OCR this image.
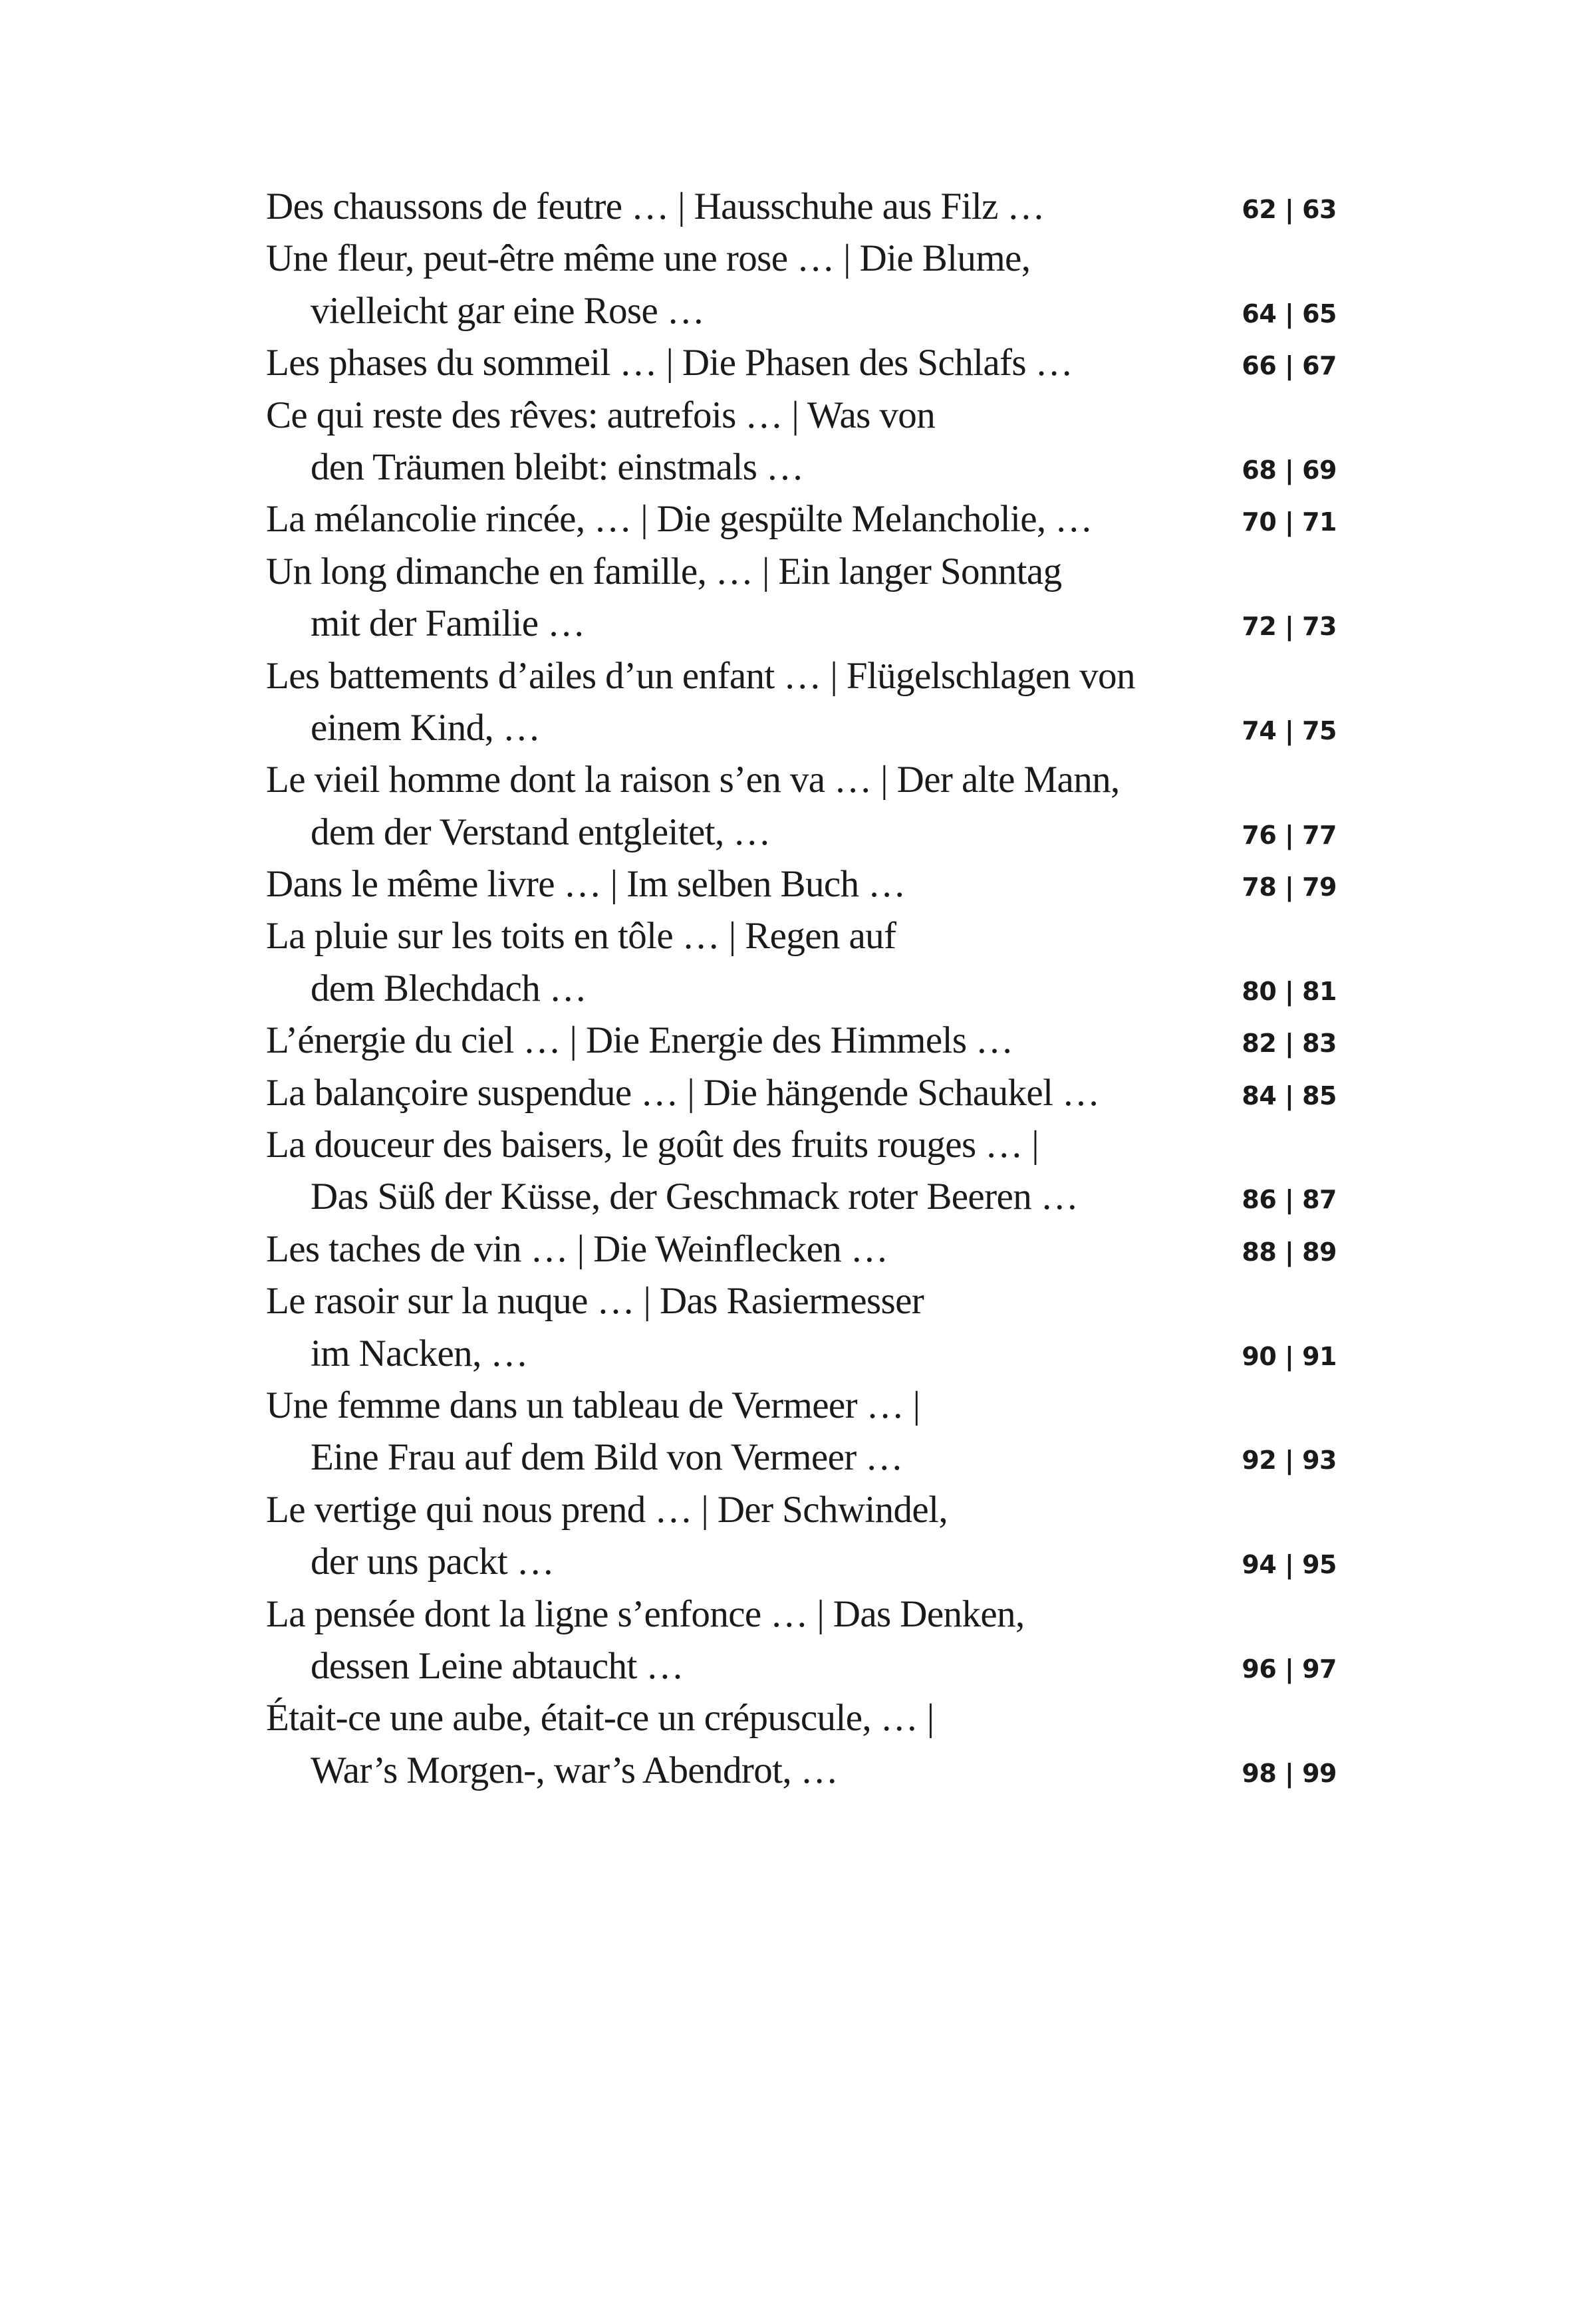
Des chaussons de feutre … | Hausschuhe aus Filz …	62 | 63
Une fleur, peut-être même une rose … | Die Blume,
vielleicht gar eine Rose …	64 | 65
Les phases du sommeil … | Die Phasen des Schlafs …	66 | 67
Ce qui reste des rêves: autrefois … | Was von
den Träumen bleibt: einstmals …	68 | 69
La mélancolie rincée, … | Die gespülte Melancholie, …	70 | 71
Un long dimanche en famille, … | Ein langer Sonntag
mit der Familie …	72 | 73
Les battements d’ailes d’un enfant … | Flügelschlagen von
einem Kind, …	74 | 75
Le vieil homme dont la raison s’en va … | Der alte Mann,
dem der Verstand entgleitet, …	76 | 77
Dans le même livre … | Im selben Buch …	78 | 79
La pluie sur les toits en tôle … | Regen auf
dem Blechdach …	80 | 81
L’énergie du ciel … | Die Energie des Himmels …	82 | 83
La balançoire suspendue … | Die hängende Schaukel …	84 | 85
La douceur des baisers, le goût des fruits rouges … |
Das Süß der Küsse, der Geschmack roter Beeren …	86 | 87
Les taches de vin … | Die Weinflecken …	88 | 89
Le rasoir sur la nuque … | Das Rasiermesser
im Nacken, …	90 | 91
Une femme dans un tableau de Vermeer … |
Eine Frau auf dem Bild von Vermeer …	92 | 93
Le vertige qui nous prend … | Der Schwindel,
der uns packt …	94 | 95
La pensée dont la ligne s’enfonce … | Das Denken,
dessen Leine abtaucht …	96 | 97
Était-ce une aube, était-ce un crépuscule, … |
War’s Morgen-, war’s Abendrot, …	98 | 99
